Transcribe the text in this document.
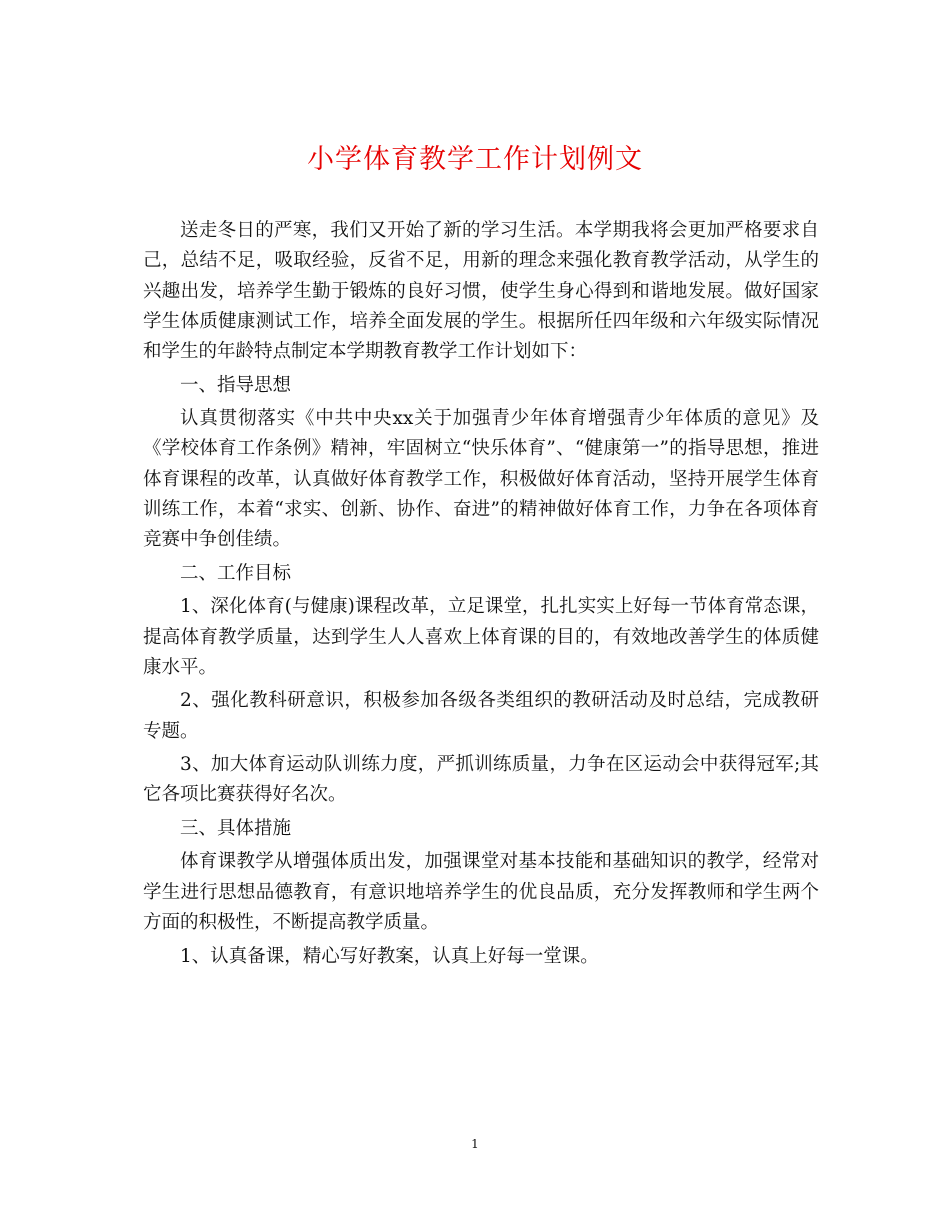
小学体育教学工作计划例文

送走冬日的严寒，我们又开始了新的学习生活。本学期我将会更加严格要求自己，总结不足，吸取经验，反省不足，用新的理念来强化教育教学活动，从学生的兴趣出发，培养学生勤于锻炼的良好习惯，使学生身心得到和谐地发展。做好国家学生体质健康测试工作，培养全面发展的学生。根据所任四年级和六年级实际情况和学生的年龄特点制定本学期教育教学工作计划如下：

一、指导思想

认真贯彻落实《中共中央xx关于加强青少年体育增强青少年体质的意见》及《学校体育工作条例》精神，牢固树立“快乐体育”、“健康第一”的指导思想，推进体育课程的改革，认真做好体育教学工作，积极做好体育活动，坚持开展学生体育训练工作，本着“求实、创新、协作、奋进”的精神做好体育工作，力争在各项体育竞赛中争创佳绩。

二、工作目标

1、深化体育(与健康)课程改革，立足课堂，扎扎实实上好每一节体育常态课，提高体育教学质量，达到学生人人喜欢上体育课的目的，有效地改善学生的体质健康水平。

2、强化教科研意识，积极参加各级各类组织的教研活动及时总结，完成教研专题。

3、加大体育运动队训练力度，严抓训练质量，力争在区运动会中获得冠军;其它各项比赛获得好名次。

三、具体措施

体育课教学从增强体质出发，加强课堂对基本技能和基础知识的教学，经常对学生进行思想品德教育，有意识地培养学生的优良品质，充分发挥教师和学生两个方面的积极性，不断提高教学质量。

1、认真备课，精心写好教案，认真上好每一堂课。

1
